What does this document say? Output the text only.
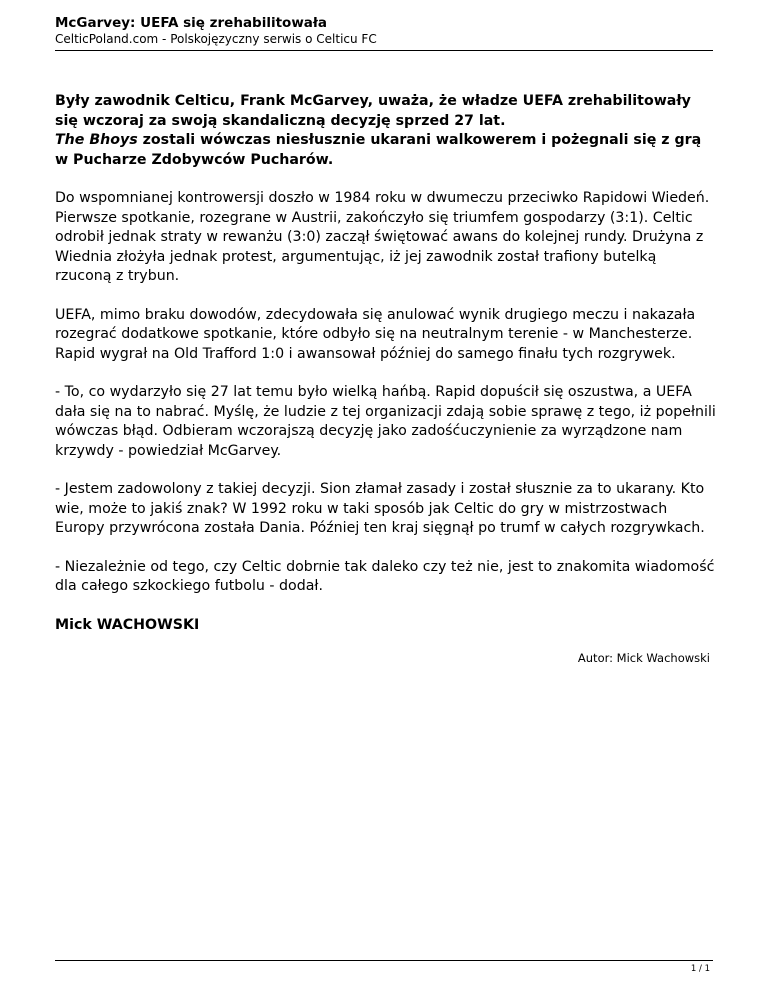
McGarvey: UEFA się zrehabilitowała

CelticPoland.com - Polskojęzyczny serwis o Celticu FC

Były zawodnik Celticu, Frank McGarvey, uważa, że władze UEFA zrehabilitowały się wczoraj za swoją skandaliczną decyzję sprzed 27 lat.
The Bhoys zostali wówczas niesłusznie ukarani walkowerem i pożegnali się z grą w Pucharze Zdobywców Pucharów.

Do wspomnianej kontrowersji doszło w 1984 roku w dwumeczu przeciwko Rapidowi Wiedeń. Pierwsze spotkanie, rozegrane w Austrii, zakończyło się triumfem gospodarzy (3:1). Celtic odrobił jednak straty w rewanżu (3:0) zaczął świętować awans do kolejnej rundy. Drużyna z Wiednia złożyła jednak protest, argumentując, iż jej zawodnik został trafiony butelką rzuconą z trybun.

UEFA, mimo braku dowodów, zdecydowała się anulować wynik drugiego meczu i nakazała rozegrać dodatkowe spotkanie, które odbyło się na neutralnym terenie - w Manchesterze. Rapid wygrał na Old Trafford 1:0 i awansował później do samego finału tych rozgrywek.

- To, co wydarzyło się 27 lat temu było wielką hańbą. Rapid dopuścił się oszustwa, a UEFA dała się na to nabrać. Myślę, że ludzie z tej organizacji zdają sobie sprawę z tego, iż popełnili wówczas błąd. Odbieram wczorajszą decyzję jako zadośćuczynienie za wyrządzone nam krzywdy - powiedział McGarvey.

- Jestem zadowolony z takiej decyzji. Sion złamał zasady i został słusznie za to ukarany. Kto wie, może to jakiś znak? W 1992 roku w taki sposób jak Celtic do gry w mistrzostwach Europy przywrócona została Dania. Później ten kraj sięgnął po trumf w całych rozgrywkach.

- Niezależnie od tego, czy Celtic dobrnie tak daleko czy też nie, jest to znakomita wiadomość dla całego szkockiego futbolu - dodał.

Mick WACHOWSKI

Autor: Mick Wachowski
1 / 1
